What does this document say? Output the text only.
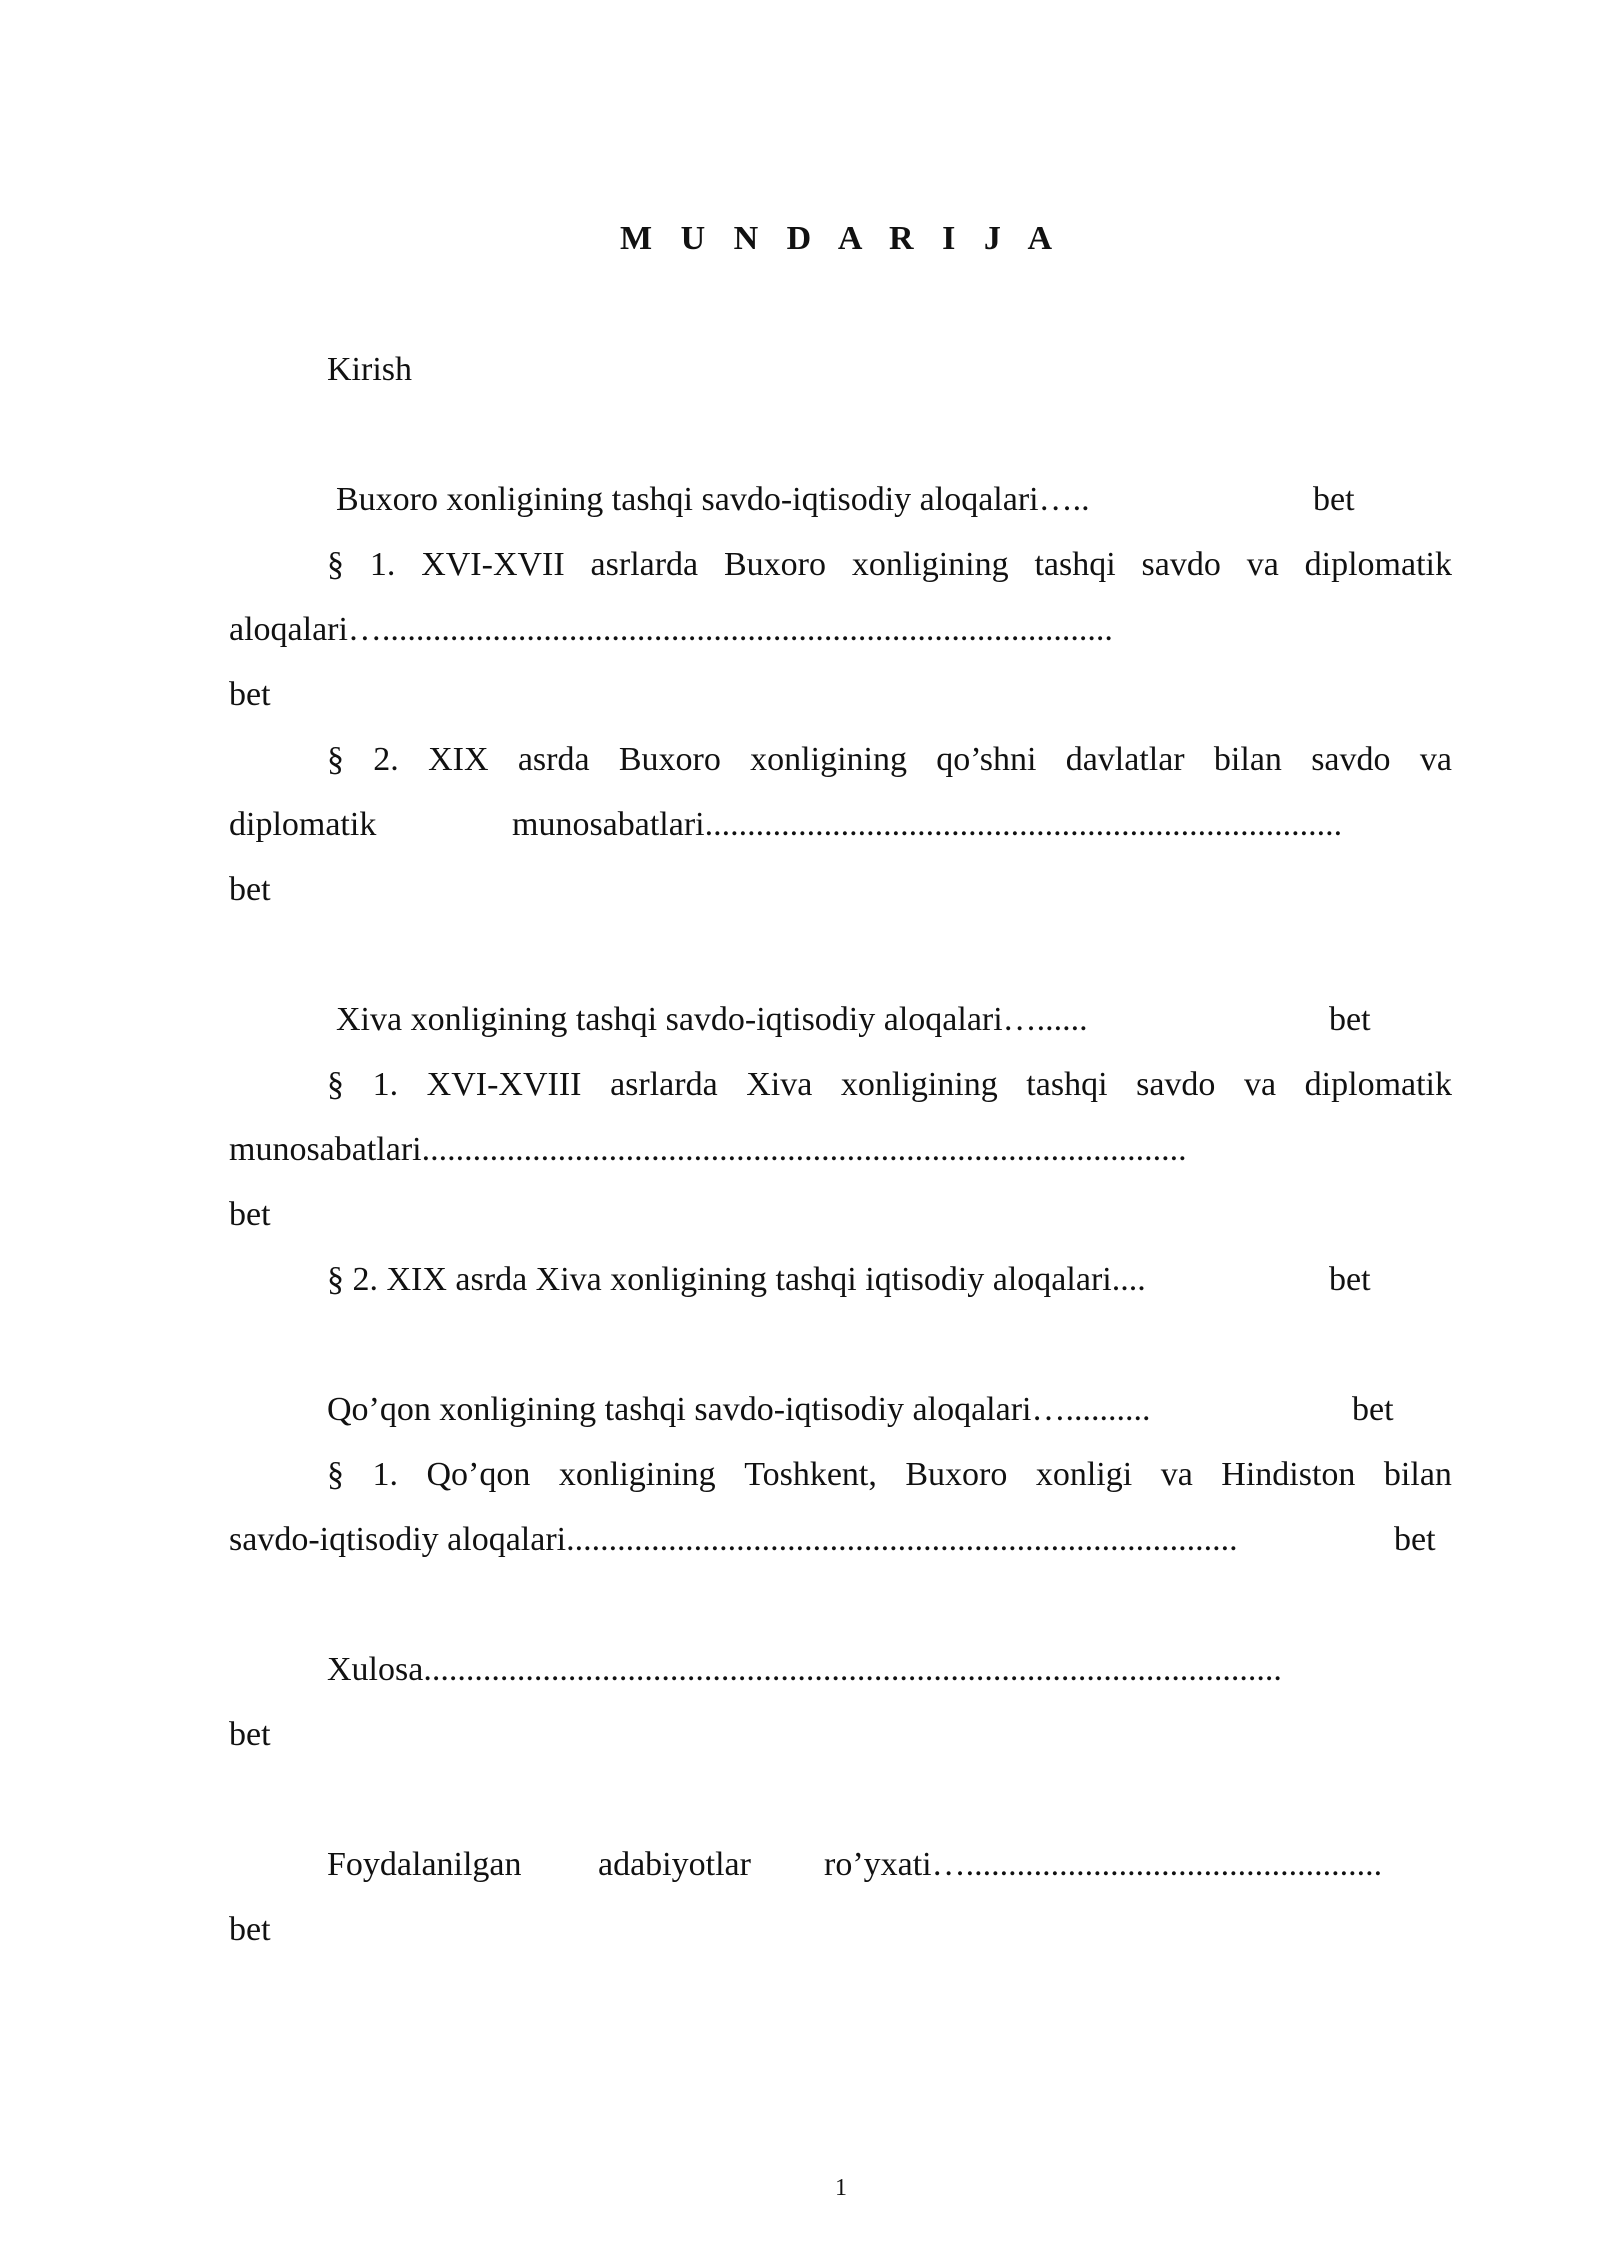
M U N D A R I J A
Kirish
Buxoro xonligining tashqi savdo-iqtisodiy aloqalari…..	bet
§ 1. XVI-XVII asrlarda Buxoro xonligining tashqi savdo va diplomatik
aloqalari…......................................................................................
bet
§ 2. XIX asrda Buxoro xonligining qo’shni davlatlar bilan savdo va
diplomatik	munosabatlari...........................................................................
bet
Xiva xonligining tashqi savdo-iqtisodiy aloqalari…......	bet
§ 1. XVI-XVIII asrlarda Xiva xonligining tashqi savdo va diplomatik
munosabatlari..........................................................................................
bet
§ 2. XIX asrda Xiva xonligining tashqi iqtisodiy aloqalari....	bet
Qo’qon xonligining tashqi savdo-iqtisodiy aloqalari…..........	bet
§ 1. Qo’qon xonligining Toshkent, Buxoro xonligi va Hindiston bilan
savdo-iqtisodiy aloqalari...............................................................................	bet
Xulosa.....................................................................................................
bet
Foydalanilgan adabiyotlar ro’yxati….................................................
bet
1
